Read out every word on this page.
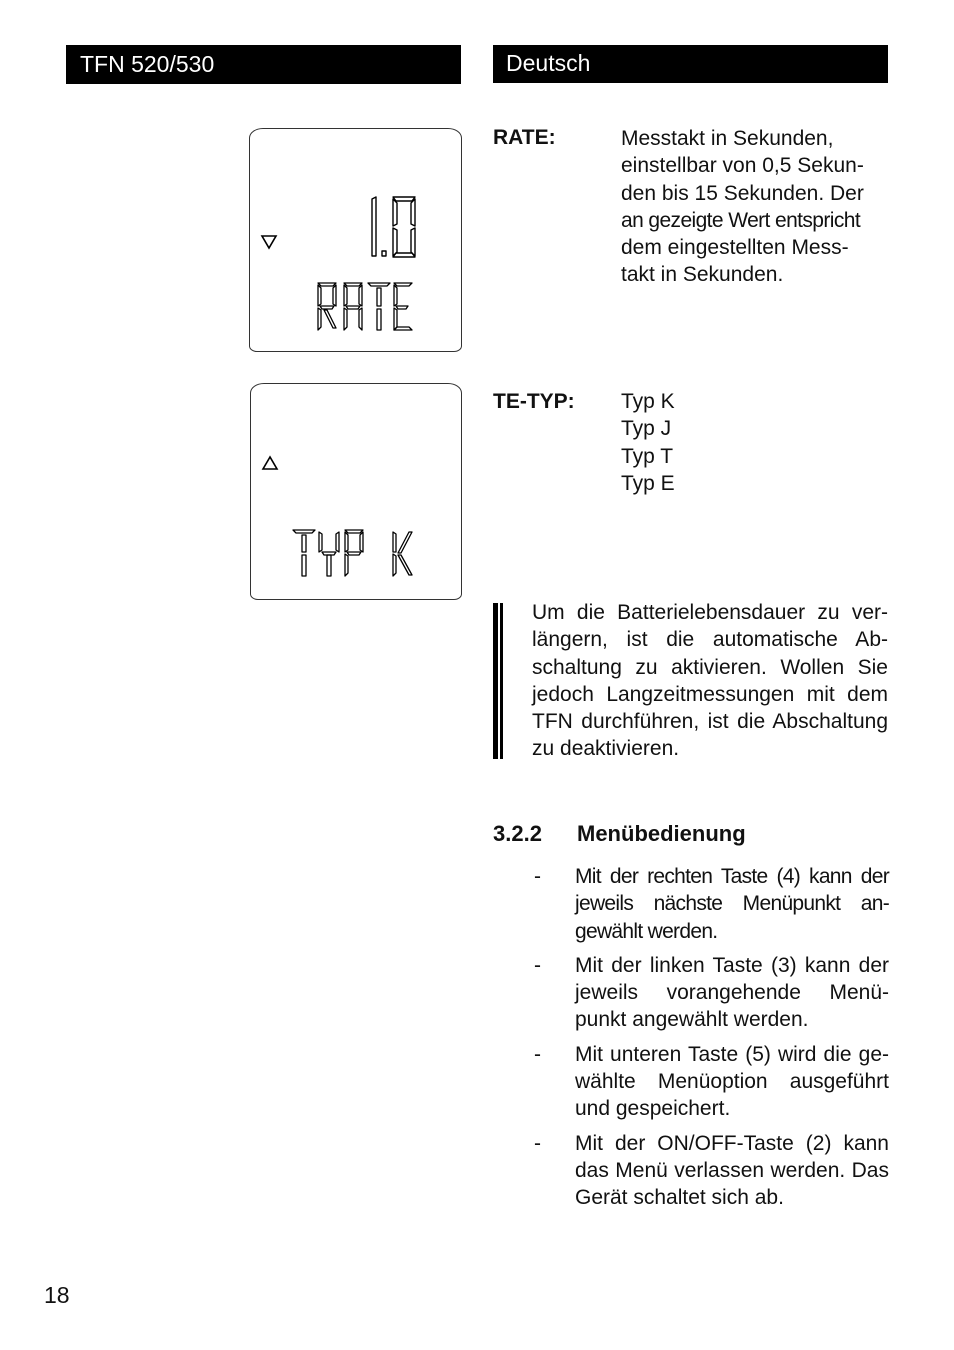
TFN 520/530	Deutsch
RATE:	Messtakt in Sekunden,
einstellbar von 0,5 Sekun-
den bis 15 Sekunden. Der
an gezeigte Wert entspricht
dem eingestellten Mess-
takt in Sekunden.
TE-TYP: Typ K
Typ J
Typ T
Typ E
Um die Batterielebensdauer zu ver-längern, ist die automatische Ab-schaltung zu aktivieren. Wollen Sie jedoch Langzeitmessungen mit dem TFN durchführen, ist die Abschaltung zu deaktivieren.
3.2.2 Menübedienung
- Mit der rechten Taste (4) kann der jeweils nächste Menüpunkt an-gewählt werden.
- Mit der linken Taste (3) kann der jeweils vorangehende Menü-punkt angewählt werden.
- Mit unteren Taste (5) wird die ge-wählte Menüoption ausgeführt und gespeichert.
- Mit der ON/OFF-Taste (2) kann das Menü verlassen werden. Das Gerät schaltet sich ab.
18
